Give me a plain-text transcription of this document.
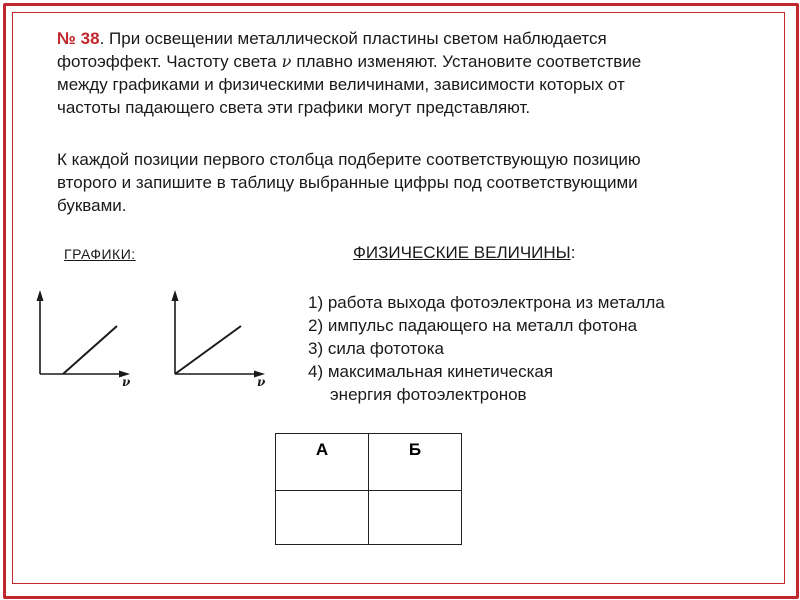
№ 38. При освещении металлической пластины светом наблюдается
фотоэффект. Частоту света ν плавно изменяют. Установите соответствие
между графиками и физическими величинами, зависимости которых от
частоты падающего света эти графики могут представляют.
К каждой позиции первого столбца подберите соответствующую позицию
второго и запишите в таблицу выбранные цифры под соответствующими
буквами.
ГРАФИКИ:	ФИЗИЧЕСКИЕ ВЕЛИЧИНЫ:
ν	ν
1) работа выхода фотоэлектрона из металла
2) импульс падающего на металл фотона
3) сила фототока
4) максимальная кинетическая
энергия фотоэлектронов
А	Б
